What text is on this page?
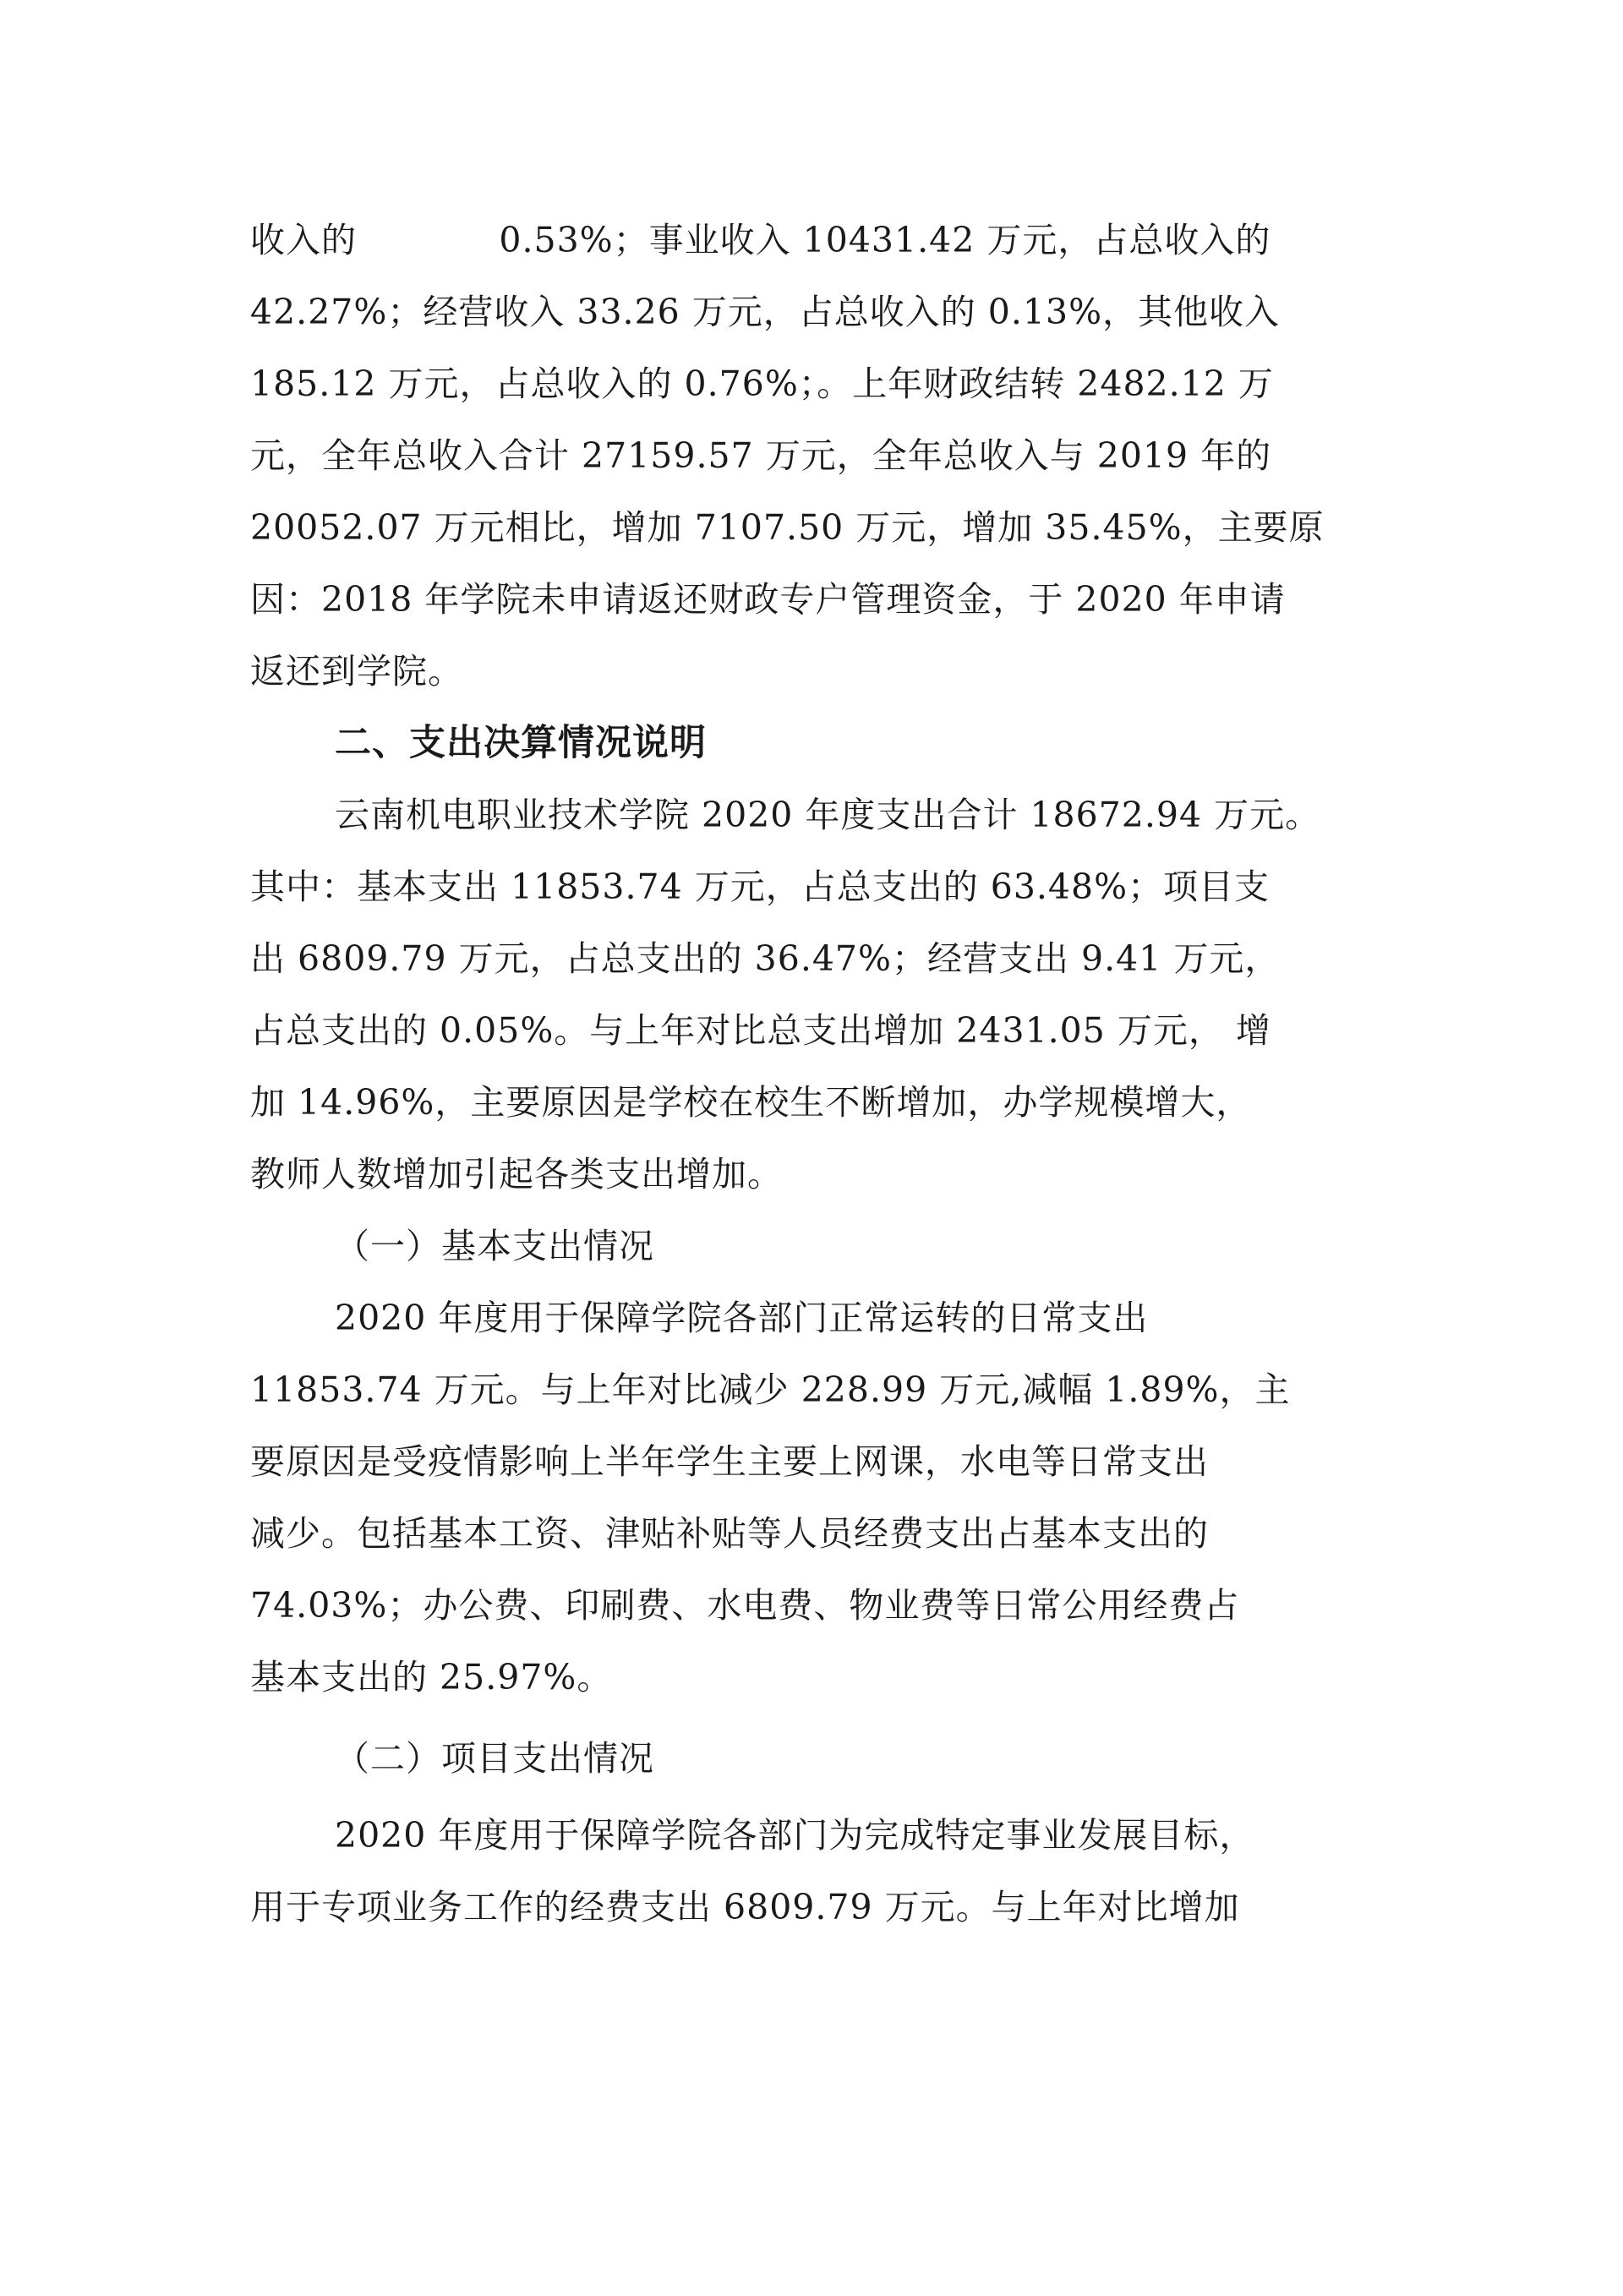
收入的            0.53%；事业收入 10431.42 万元，占总收入的
42.27%；经营收入 33.26 万元，占总收入的 0.13%，其他收入
185.12 万元，占总收入的 0.76%；。上年财政结转 2482.12 万
元，全年总收入合计 27159.57 万元，全年总收入与 2019 年的
20052.07 万元相比，增加 7107.50 万元，增加 35.45%，主要原
因：2018 年学院未申请返还财政专户管理资金，于 2020 年申请
返还到学院。
二、支出决算情况说明
云南机电职业技术学院 2020 年度支出合计 18672.94 万元。
其中：基本支出 11853.74 万元，占总支出的 63.48%；项目支
出 6809.79 万元，占总支出的 36.47%；经营支出 9.41 万元，
占总支出的 0.05%。与上年对比总支出增加 2431.05 万元， 增
加 14.96%，主要原因是学校在校生不断增加，办学规模增大，
教师人数增加引起各类支出增加。
（一）基本支出情况
2020 年度用于保障学院各部门正常运转的日常支出
11853.74 万元。与上年对比减少 228.99 万元,减幅 1.89%，主
要原因是受疫情影响上半年学生主要上网课，水电等日常支出
减少。包括基本工资、津贴补贴等人员经费支出占基本支出的
74.03%；办公费、印刷费、水电费、物业费等日常公用经费占
基本支出的 25.97%。
（二）项目支出情况
2020 年度用于保障学院各部门为完成特定事业发展目标，
用于专项业务工作的经费支出 6809.79 万元。与上年对比增加
